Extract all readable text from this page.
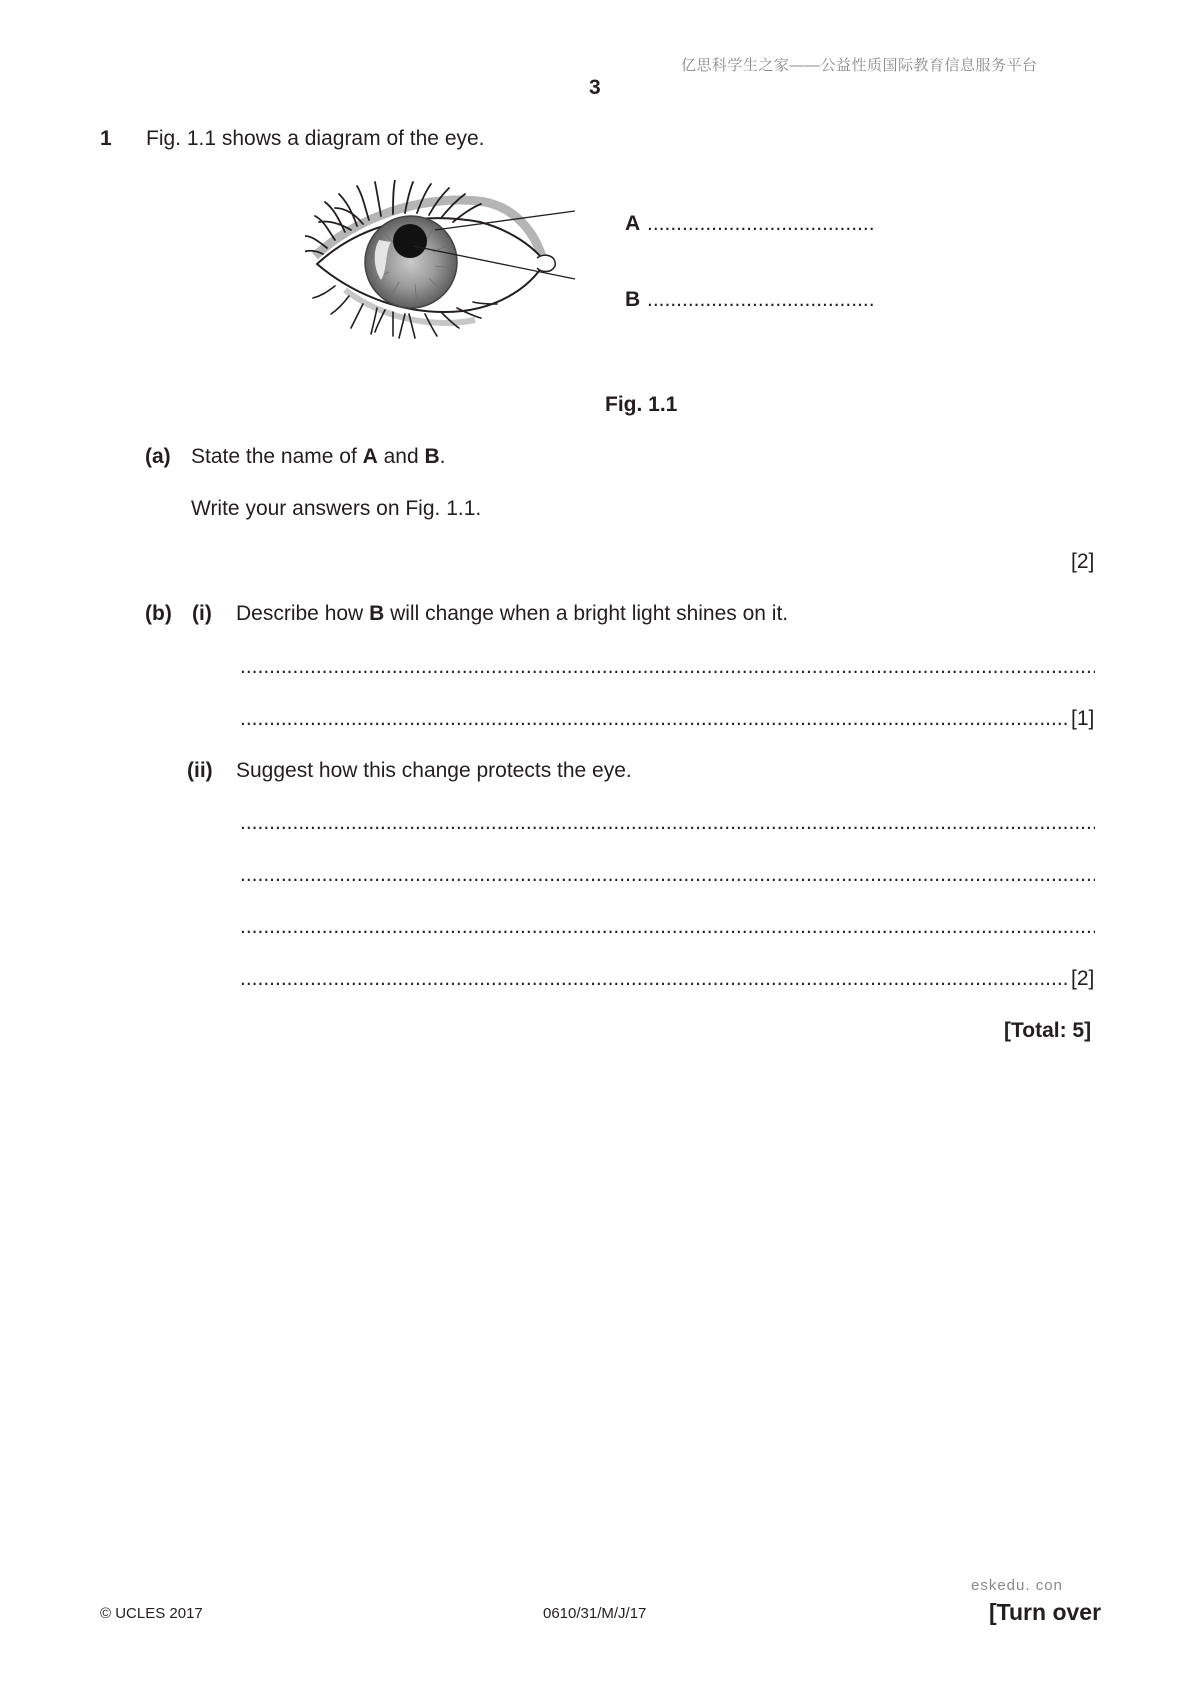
亿思科学生之家——公益性质国际教育信息服务平台
3
1 Fig. 1.1 shows a diagram of the eye.
A
.....
B
.....
Fig. 1.1
(a) State the name of A and B.
Write your answers on Fig. 1.1.
[2]
(b) (i) Describe how B will change when a bright light shines on it.
.....
.....
[1]
(ii) Suggest how this change protects the eye.
.....
.....
.....
.....
[2]
[Total: 5]
eskedu. con
© UCLES 2017	0610/31/M/J/17	[Turn over
